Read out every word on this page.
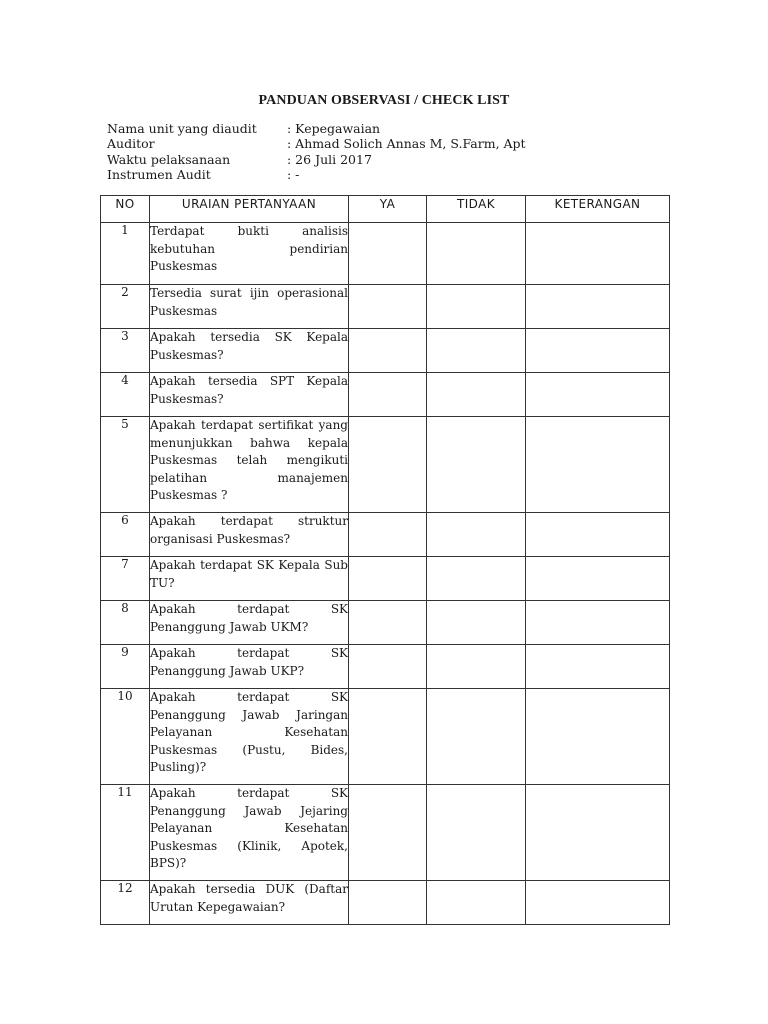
PANDUAN OBSERVASI / CHECK LIST
Nama unit yang diaudit	: Kepegawaian
Auditor	: Ahmad Solich Annas M, S.Farm, Apt
Waktu pelaksanaan	: 26 Juli 2017
Instrumen Audit	: -
NO	URAIAN PERTANYAAN	YA	TIDAK	KETERANGAN
1	Terdapat bukti analisis kebutuhan pendirian Puskesmas			
2	Tersedia surat ijin operasional Puskesmas			
3	Apakah tersedia SK Kepala Puskesmas?			
4	Apakah tersedia SPT Kepala Puskesmas?			
5	Apakah terdapat sertifikat yang menunjukkan bahwa kepala Puskesmas telah mengikuti pelatihan manajemen Puskesmas ?			
6	Apakah terdapat struktur organisasi Puskesmas?			
7	Apakah terdapat SK Kepala Sub TU?			
8	Apakah terdapat SK Penanggung Jawab UKM?			
9	Apakah terdapat SK Penanggung Jawab UKP?			
10	Apakah terdapat SK Penanggung Jawab Jaringan Pelayanan Kesehatan Puskesmas (Pustu, Bides, Pusling)?			
11	Apakah terdapat SK Penanggung Jawab Jejaring Pelayanan Kesehatan Puskesmas (Klinik, Apotek, BPS)?			
12	Apakah tersedia DUK (Daftar Urutan Kepegawaian?			
